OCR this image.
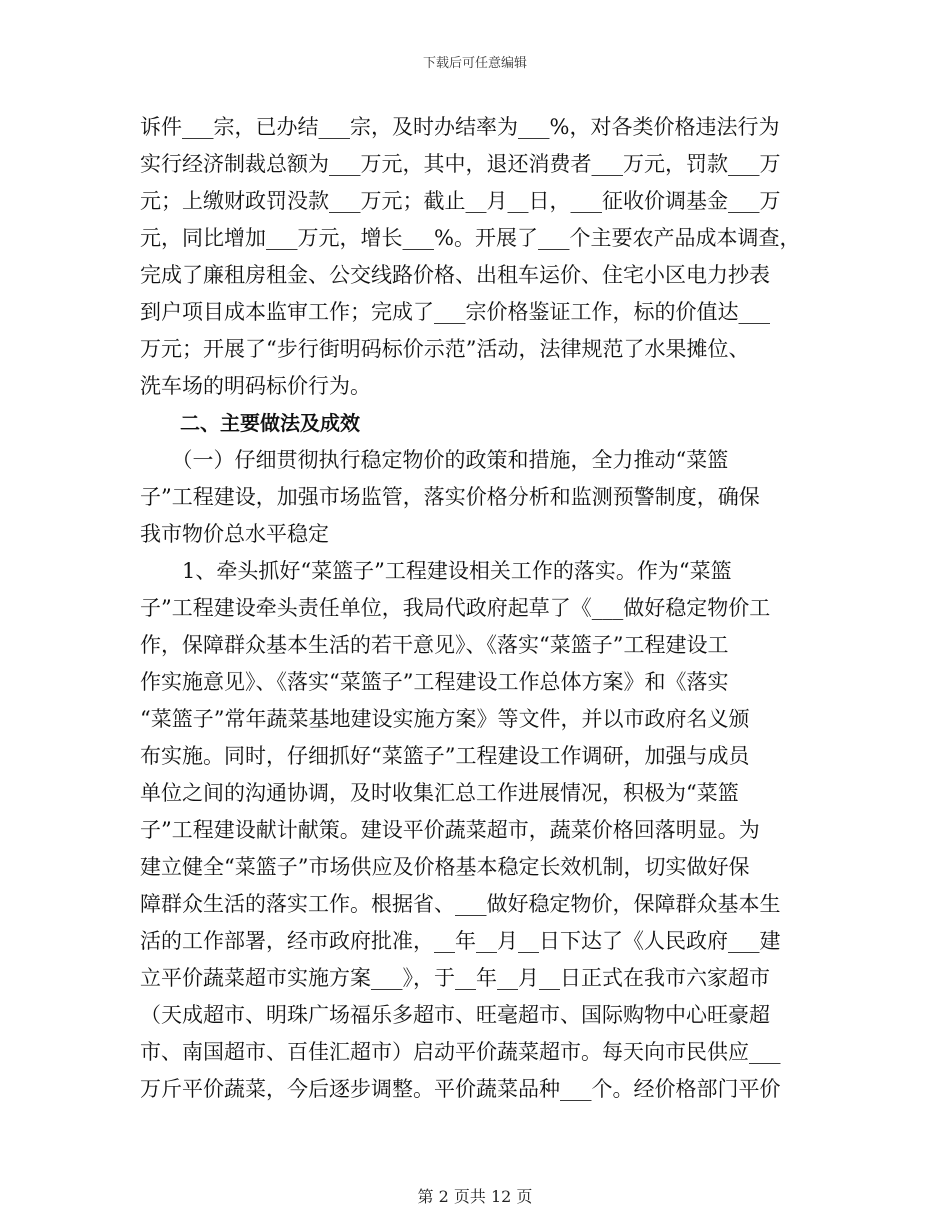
下载后可任意编辑
诉件___宗，已办结___宗，及时办结率为___%，对各类价格违法行为
实行经济制裁总额为___万元，其中，退还消费者___万元，罚款___万
元；上缴财政罚没款___万元；截止__月__日，___征收价调基金___万
元，同比增加___万元，增长___%。开展了___个主要农产品成本调查，
完成了廉租房租金、公交线路价格、出租车运价、住宅小区电力抄表
到户项目成本监审工作；完成了___宗价格鉴证工作，标的价值达___
万元；开展了“步行街明码标价示范”活动，法律规范了水果摊位、
洗车场的明码标价行为。
　　二、主要做法及成效
　　（一）仔细贯彻执行稳定物价的政策和措施，全力推动“菜篮
子”工程建设，加强市场监管，落实价格分析和监测预警制度，确保
我市物价总水平稳定
　　1、牵头抓好“菜篮子”工程建设相关工作的落实。作为“菜篮
子”工程建设牵头责任单位，我局代政府起草了《___做好稳定物价工
作，保障群众基本生活的若干意见》、《落实“菜篮子”工程建设工
作实施意见》、《落实“菜篮子”工程建设工作总体方案》和《落实
“菜篮子”常年蔬菜基地建设实施方案》等文件，并以市政府名义颁
布实施。同时，仔细抓好“菜篮子”工程建设工作调研，加强与成员
单位之间的沟通协调，及时收集汇总工作进展情况，积极为“菜篮
子”工程建设献计献策。建设平价蔬菜超市，蔬菜价格回落明显。为
建立健全“菜篮子”市场供应及价格基本稳定长效机制，切实做好保
障群众生活的落实工作。根据省、___做好稳定物价，保障群众基本生
活的工作部署，经市政府批准，__年__月__日下达了《人民政府___建
立平价蔬菜超市实施方案___》，于__年__月__日正式在我市六家超市
（天成超市、明珠广场福乐多超市、旺毫超市、国际购物中心旺豪超
市、南国超市、百佳汇超市）启动平价蔬菜超市。每天向市民供应___
万斤平价蔬菜，今后逐步调整。平价蔬菜品种___个。经价格部门平价
第 2 页共 12 页
